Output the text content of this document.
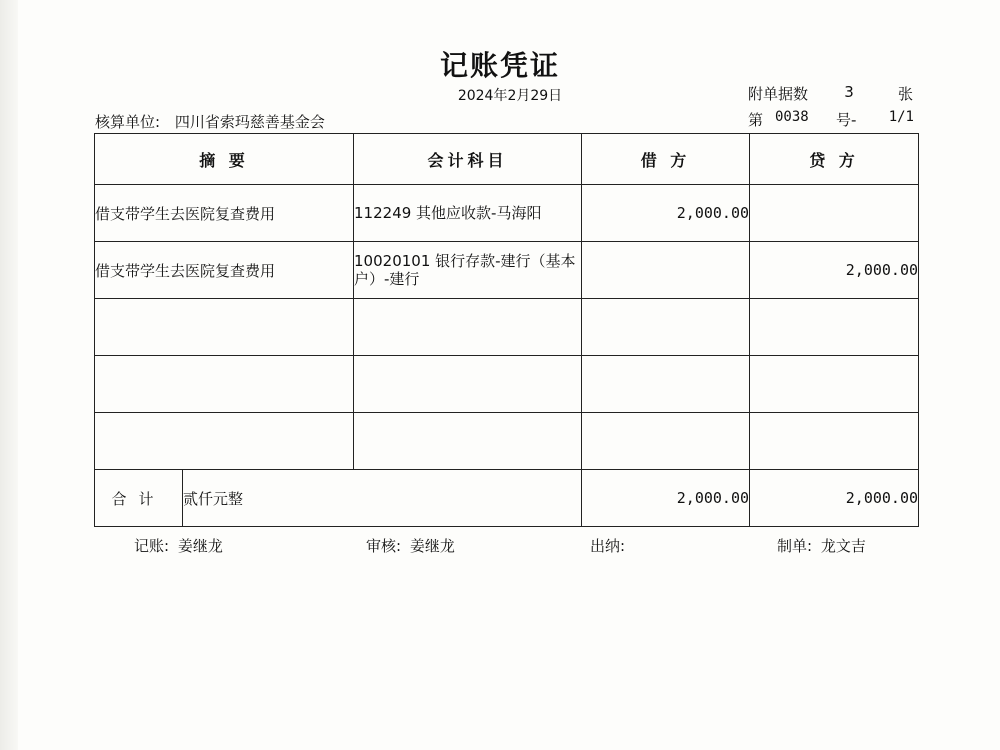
记账凭证
2024年2月29日	附单据数 3	张
核算单位: 四川省索玛慈善基金会	第 0038 号- 1/1
摘 要		会计科目	借 方	贷 方
借支带学生去医院复查费用		112249 其他应收款-马海阳	2,000.00	
借支带学生去医院复查费用		10020101 银行存款-建行（基本户）-建行		2,000.00

合计	贰仟元整		2,000.00	2,000.00
记账: 姜继龙	审核: 姜继龙	出纳:	制单: 龙文吉
